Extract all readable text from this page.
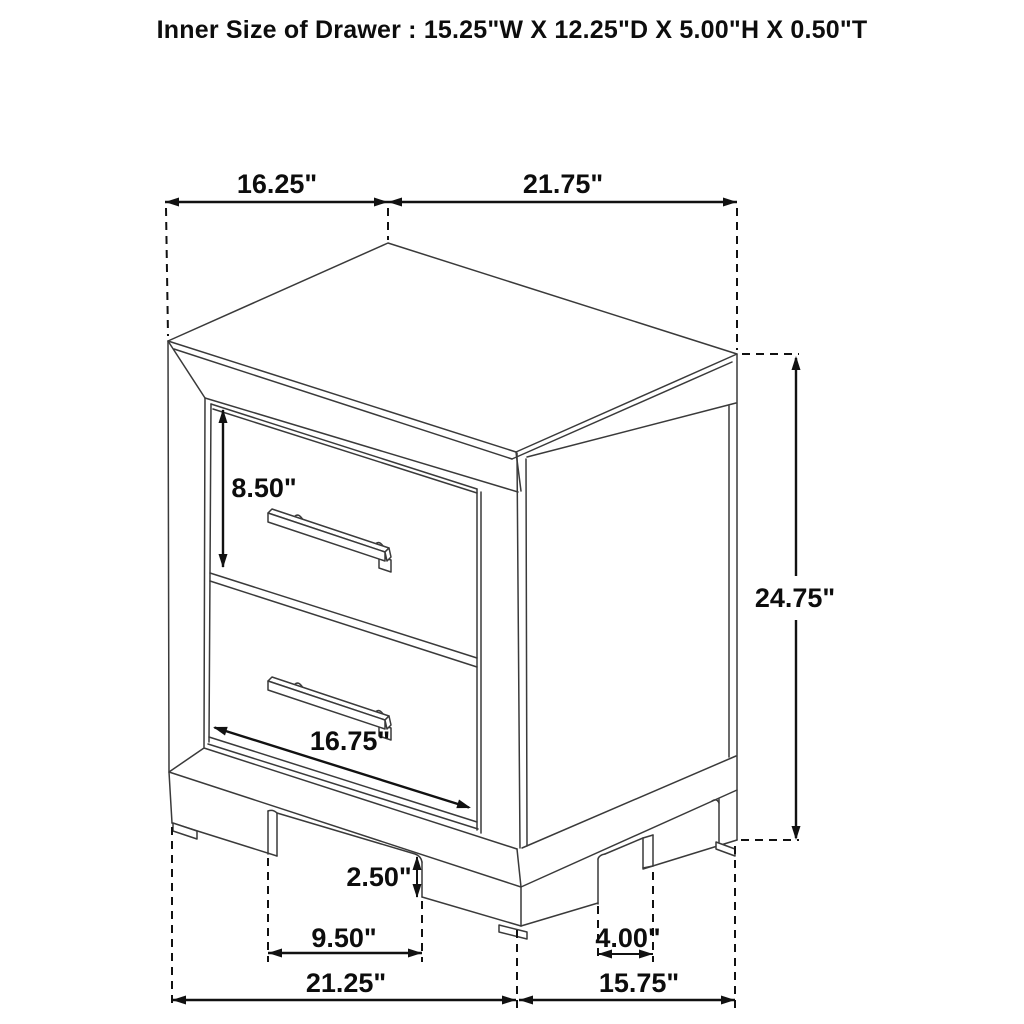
Inner Size of Drawer : 15.25"W X 12.25"D X 5.00"H X 0.50"T
16.25"	21.75"
24.75"
8.50"
16.75"
2.50"
9.50"
21.25"
4.00"
15.75"
